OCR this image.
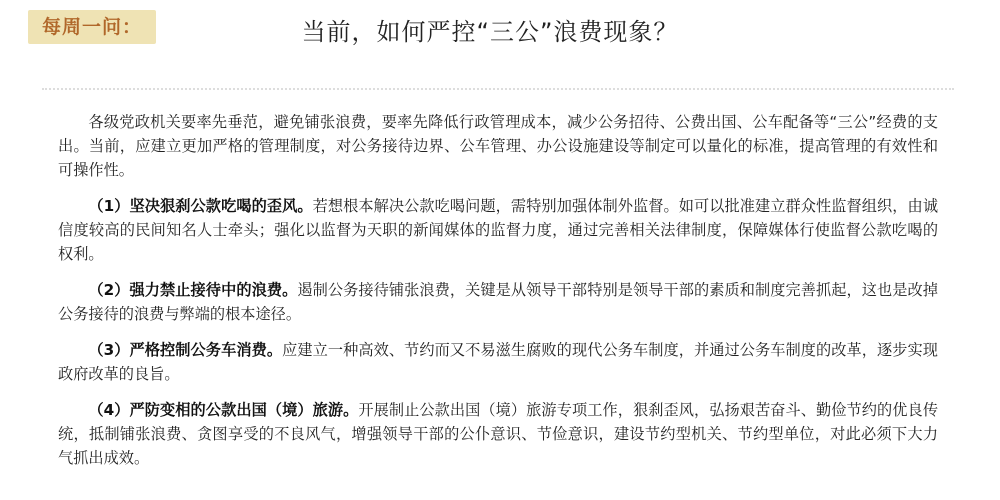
每周一问：	当前，如何严控“三公”浪费现象？

各级党政机关要率先垂范，避免铺张浪费，要率先降低行政管理成本，减少公务招待、公费出国、公车配备等“三公”经费的支出。当前，应建立更加严格的管理制度，对公务接待边界、公车管理、办公设施建设等制定可以量化的标准，提高管理的有效性和可操作性。

（1）坚决狠刹公款吃喝的歪风。若想根本解决公款吃喝问题，需特别加强体制外监督。如可以批准建立群众性监督组织，由诚信度较高的民间知名人士牵头；强化以监督为天职的新闻媒体的监督力度，通过完善相关法律制度，保障媒体行使监督公款吃喝的权利。

（2）强力禁止接待中的浪费。遏制公务接待铺张浪费，关键是从领导干部特别是领导干部的素质和制度完善抓起，这也是改掉公务接待的浪费与弊端的根本途径。

（3）严格控制公务车消费。应建立一种高效、节约而又不易滋生腐败的现代公务车制度，并通过公务车制度的改革，逐步实现政府改革的良旨。

（4）严防变相的公款出国（境）旅游。开展制止公款出国（境）旅游专项工作，狠刹歪风，弘扬艰苦奋斗、勤俭节约的优良传统，抵制铺张浪费、贪图享受的不良风气，增强领导干部的公仆意识、节俭意识，建设节约型机关、节约型单位，对此必须下大力气抓出成效。
